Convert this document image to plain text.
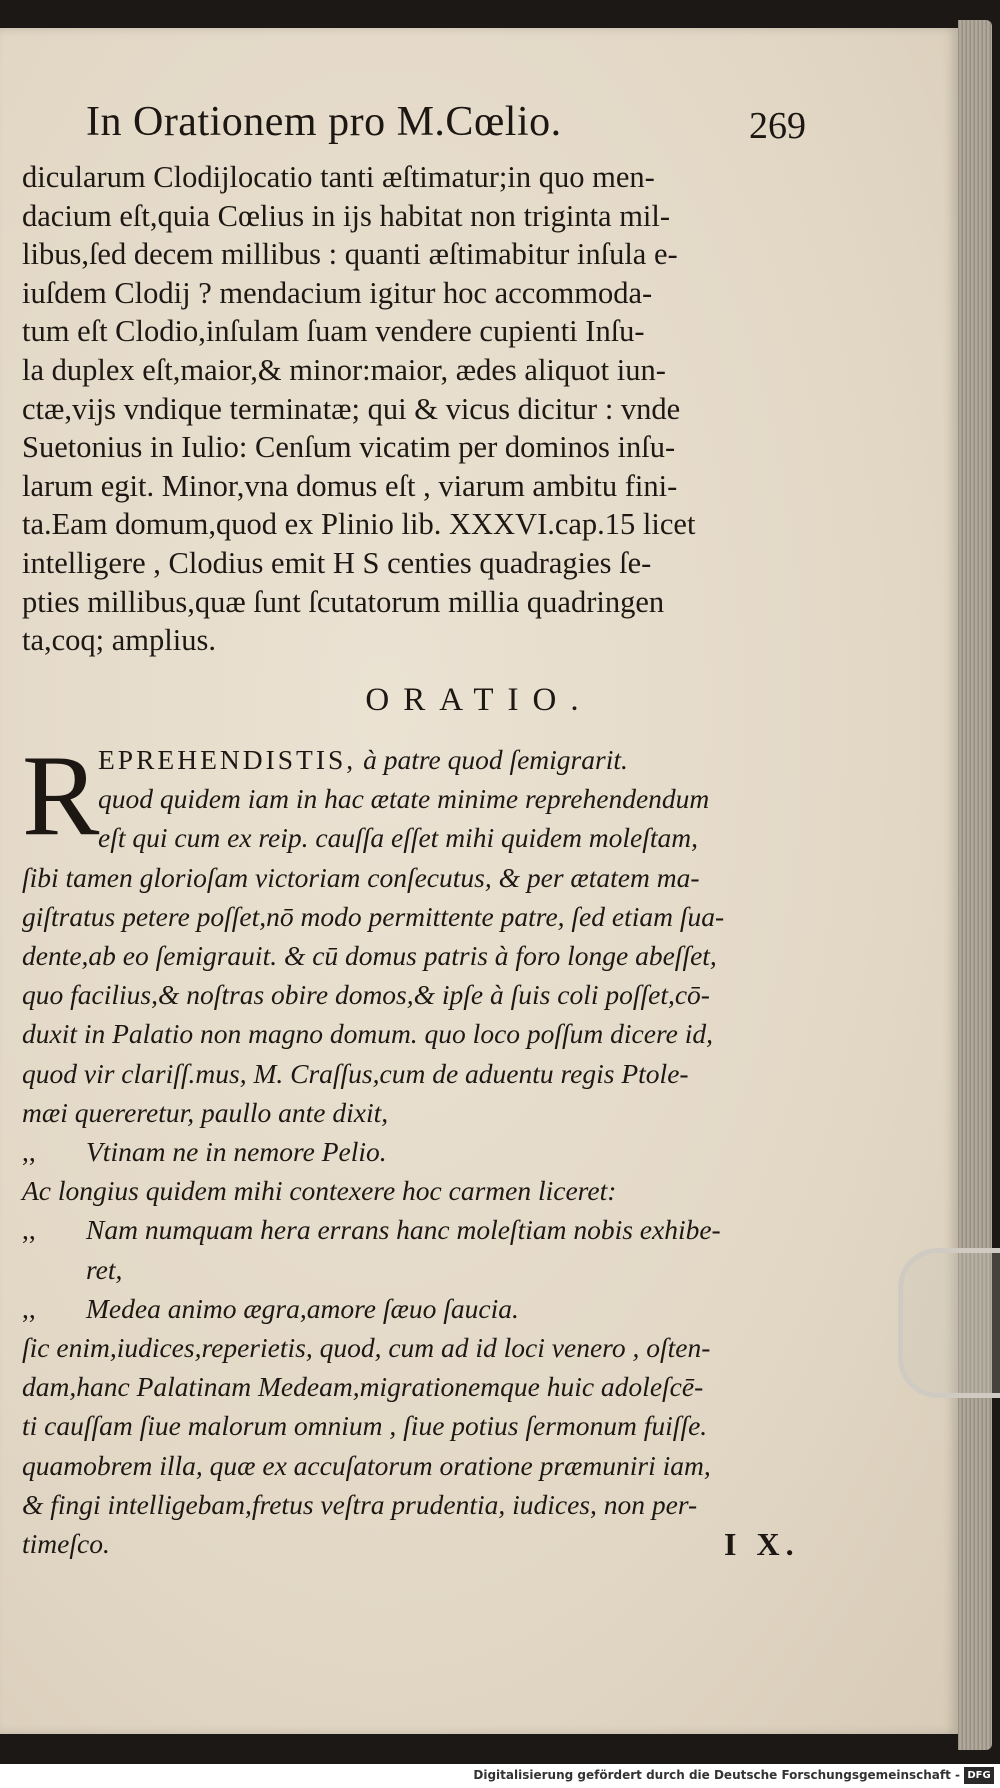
In Orationem pro M.Cœlio.	269
dicularum Clodijlocatio tanti æſtimatur;in quo men-
dacium eſt,quia Cœlius in ijs habitat non triginta mil-
libus,ſed decem millibus : quanti æſtimabitur inſula e-
iuſdem Clodij ? mendacium igitur hoc accommoda-
tum eſt Clodio,inſulam ſuam vendere cupienti Inſu-
la duplex eſt,maior,& minor:maior, ædes aliquot iun-
ctæ,vijs vndique terminatæ; qui & vicus dicitur : vnde
Suetonius in Iulio: Cenſum vicatim per dominos inſu-
larum egit. Minor,vna domus eſt , viarum ambitu fini-
ta.Eam domum,quod ex Plinio lib. XXXVI.cap.15 licet
intelligere , Clodius emit H S centies quadragies ſe-
pties millibus,quæ ſunt ſcutatorum millia quadringen
ta,coq; amplius.
ORATIO.
R
EPREHENDISTIS, à patre quod ſemigrarit.
quod quidem iam in hac ætate minime reprehendendum
eſt qui cum ex reip. cauſſa eſſet mihi quidem moleſtam,
ſibi tamen glorioſam victoriam conſecutus, & per ætatem ma-
giſtratus petere poſſet,nō modo permittente patre, ſed etiam ſua-
dente,ab eo ſemigrauit. & cū domus patris à foro longe abeſſet,
quo facilius,& noſtras obire domos,& ipſe à ſuis coli poſſet,cō-
duxit in Palatio non magno domum. quo loco poſſum dicere id,
quod vir clariſſ.mus, M. Craſſus,cum de aduentu regis Ptole-
mæi quereretur, paullo ante dixit,
,, Vtinam ne in nemore Pelio.
Ac longius quidem mihi contexere hoc carmen liceret:
,, Nam numquam hera errans hanc moleſtiam nobis exhibe-
ret,
,, Medea animo ægra,amore ſæuo ſaucia.
ſic enim,iudices,reperietis, quod, cum ad id loci venero , oſten-
dam,hanc Palatinam Medeam,migrationemque huic adoleſcē-
ti cauſſam ſiue malorum omnium , ſiue potius ſermonum fuiſſe.
quamobrem illa, quæ ex accuſatorum oratione præmuniri iam,
& fingi intelligebam,fretus veſtra prudentia, iudices, non per-
timeſco.	I X.
Digitalisierung gefördert durch die Deutsche Forschungsgemeinschaft - DFG
